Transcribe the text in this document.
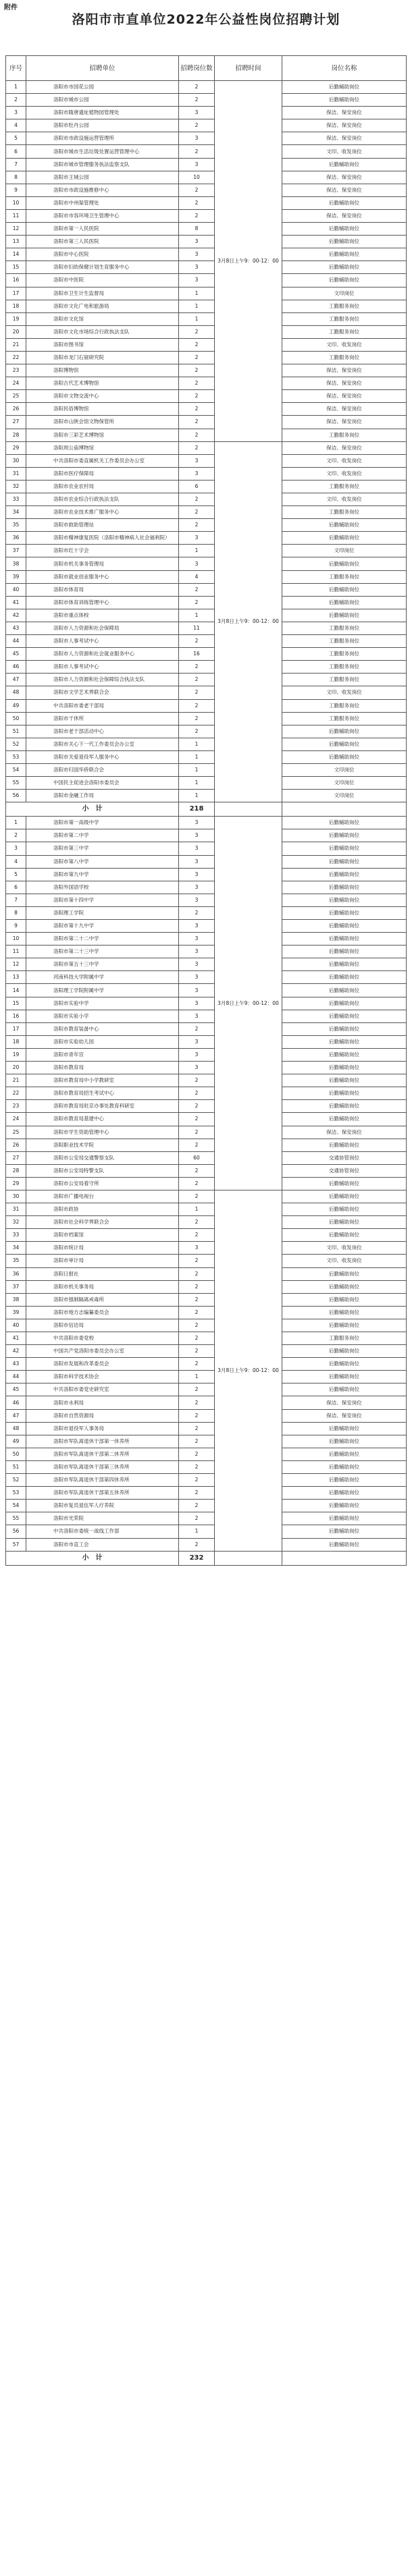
附件
洛阳市市直单位2022年公益性岗位招聘计划
序号	招聘单位	招聘岗位数	招聘时间	岗位名称
1	洛阳市市园花公园	2	3月8日上午9：00-12：00	后勤辅助岗位
2	洛阳市城市公园	2		后勤辅助岗位
3	洛阳市隋唐遗址植物园管理处	3		保洁、保安岗位
4	洛阳市牡丹公园	2		保洁、保安岗位
5	洛阳市市政设施运营管理所	3		保洁、保安岗位
6	洛阳市城市生活垃圾处置运营管理中心	2		文印、收发岗位
7	洛阳市城市管理服务执法监察支队	3		后勤辅助岗位
8	洛阳市王城公园	10		保洁、保安岗位
9	洛阳市市政设施维修中心	2		保洁、保安岗位
10	洛阳市中州渠管理处	2		后勤辅助岗位
11	洛阳市市容环境卫生管理中心	2		保洁、保安岗位
12	洛阳市第一人民医院	8		后勤辅助岗位
13	洛阳市第三人民医院	3		后勤辅助岗位
14	洛阳市中心医院	3		后勤辅助岗位
15	洛阳市妇幼保健计划生育服务中心	3		后勤辅助岗位
16	洛阳市中医院	3		后勤辅助岗位
17	洛阳市卫生计生监督局	1		文印岗位
18	洛阳市文化广电和旅游局	1		工勤服务岗位
19	洛阳市文化馆	1		工勤服务岗位
20	洛阳市文化市场综合行政执法支队	2		工勤服务岗位
21	洛阳市图书馆	2		文印、收发岗位
22	洛阳市龙门石窟研究院	2		工勤服务岗位
23	洛阳博物馆	2		保洁、保安岗位
24	洛阳古代艺术博物馆	2		保洁、保安岗位
25	洛阳市文物交流中心	2		保洁、保安岗位
26	洛阳民俗博物馆	2		保洁、保安岗位
27	洛阳市山陕会馆文物保管所	2		保洁、保安岗位
28	洛阳市三彩艺术博物馆	2		工勤服务岗位
29	洛阳周公庙博物馆	2	3月8日上午9：00-12：00	保洁、保安岗位
30	中共洛阳市委直属机关工作委员会办公室	3		文印、收发岗位
31	洛阳市医疗保障局	3		文印、收发岗位
32	洛阳市农业农村局	6		工勤服务岗位
33	洛阳市农业综合行政执法支队	2		文印、收发岗位
34	洛阳市农业技术推广服务中心	2		工勤服务岗位
35	洛阳市救助管理站	2		后勤辅助岗位
36	洛阳市精神康复医院（洛阳市精神病人社会福利院）	3		后勤辅助岗位
37	洛阳市红十字会	1		文印岗位
38	洛阳市机关事务管理局	3		后勤辅助岗位
39	洛阳市就业创业服务中心	4		工勤服务岗位
40	洛阳市体育局	2		后勤辅助岗位
41	洛阳市体育训练管理中心	2		后勤辅助岗位
42	洛阳市重点体校	1		后勤辅助岗位
43	洛阳市人力资源和社会保障局	11		工勤服务岗位
44	洛阳市人事考试中心	2		工勤服务岗位
45	洛阳市人力资源和社会就业服务中心	16		工勤服务岗位
46	洛阳市人事考试中心	2		工勤服务岗位
47	洛阳市人力资源和社会保障综合执法支队	2		工勤服务岗位
48	洛阳市文学艺术界联合会	2		文印、收发岗位
49	中共洛阳市委老干部局	2		工勤服务岗位
50	洛阳市干休所	2		工勤服务岗位
51	洛阳市老干部活动中心	2		后勤辅助岗位
52	洛阳市关心下一代工作委员会办公室	1		后勤辅助岗位
53	洛阳市关爱退役军人服务中心	1		后勤辅助岗位
54	洛阳市归国华侨联合会	1		文印岗位
55	中国民主促进会洛阳市委员会	1		文印岗位
56	洛阳市金融工作局	1		文印岗位
小　计		218		
1	洛阳市第一高级中学	3	3月8日上午9：00-12：00	后勤辅助岗位
2	洛阳市第二中学	3		后勤辅助岗位
3	洛阳市第三中学	3		后勤辅助岗位
4	洛阳市第八中学	3		后勤辅助岗位
5	洛阳市第九中学	3		后勤辅助岗位
6	洛阳外国语学校	3		后勤辅助岗位
7	洛阳市第十四中学	3		后勤辅助岗位
8	洛阳理工学院	2		后勤辅助岗位
9	洛阳市第十九中学	3		后勤辅助岗位
10	洛阳市第二十二中学	3		后勤辅助岗位
11	洛阳市第二十三中学	3		后勤辅助岗位
12	洛阳市第五十三中学	3		后勤辅助岗位
13	河南科技大学附属中学	3		后勤辅助岗位
14	洛阳理工学院附属中学	3		后勤辅助岗位
15	洛阳市实验中学	3		后勤辅助岗位
16	洛阳市实验小学	3		后勤辅助岗位
17	洛阳市教育装备中心	2		后勤辅助岗位
18	洛阳市实验幼儿园	3		后勤辅助岗位
19	洛阳市青年宫	3		后勤辅助岗位
20	洛阳市教育局	3		后勤辅助岗位
21	洛阳市教育局中小学教研室	2		后勤辅助岗位
22	洛阳市教育局招生考试中心	2		后勤辅助岗位
23	洛阳市教育局驻京办事处教育科研室	2		后勤辅助岗位
24	洛阳市教育局基建中心	2		后勤辅助岗位
25	洛阳市学生资助管理中心	2		保洁、保安岗位
26	洛阳职业技术学院	2		后勤辅助岗位
27	洛阳市公安局交通警察支队	60		交通协管岗位
28	洛阳市公安局特警支队	2		交通协管岗位
29	洛阳市公安局看守所	2		后勤辅助岗位
30	洛阳市广播电视台	2	3月8日上午9：00-12：00	后勤辅助岗位
31	洛阳市政协	1		后勤辅助岗位
32	洛阳市社会科学界联合会	2		后勤辅助岗位
33	洛阳市档案馆	2		后勤辅助岗位
34	洛阳市统计局	3		文印、收发岗位
35	洛阳市审计局	2		文印、收发岗位
36	洛阳日报社	2		后勤辅助岗位
37	洛阳市机关事务局	2		后勤辅助岗位
38	洛阳市强制隔离戒毒所	2		后勤辅助岗位
39	洛阳市地方志编纂委员会	2		后勤辅助岗位
40	洛阳市信访局	2		后勤辅助岗位
41	中共洛阳市委党校	2		工勤服务岗位
42	中国共产党洛阳市委员会办公室	2		后勤辅助岗位
43	洛阳市发展和改革委员会	2		后勤辅助岗位
44	洛阳市科学技术协会	1		后勤辅助岗位
45	中共洛阳市委党史研究室	2		后勤辅助岗位
46	洛阳市水利局	2		保洁、保安岗位
47	洛阳市自然资源局	2		保洁、保安岗位
48	洛阳市退役军人事务局	2		后勤辅助岗位
49	洛阳市军队离退休干部第一休养所	2		后勤辅助岗位
50	洛阳市军队离退休干部第二休养所	2		后勤辅助岗位
51	洛阳市军队离退休干部第三休养所	2		后勤辅助岗位
52	洛阳市军队离退休干部第四休养所	2		后勤辅助岗位
53	洛阳市军队离退休干部第五休养所	2		后勤辅助岗位
54	洛阳市复员退伍军人疗养院	2		后勤辅助岗位
55	洛阳市光荣院	2		后勤辅助岗位
56	中共洛阳市委统一战线工作部	1		后勤辅助岗位
57	洛阳市市直工会	2		后勤辅助岗位
小　计		232		
